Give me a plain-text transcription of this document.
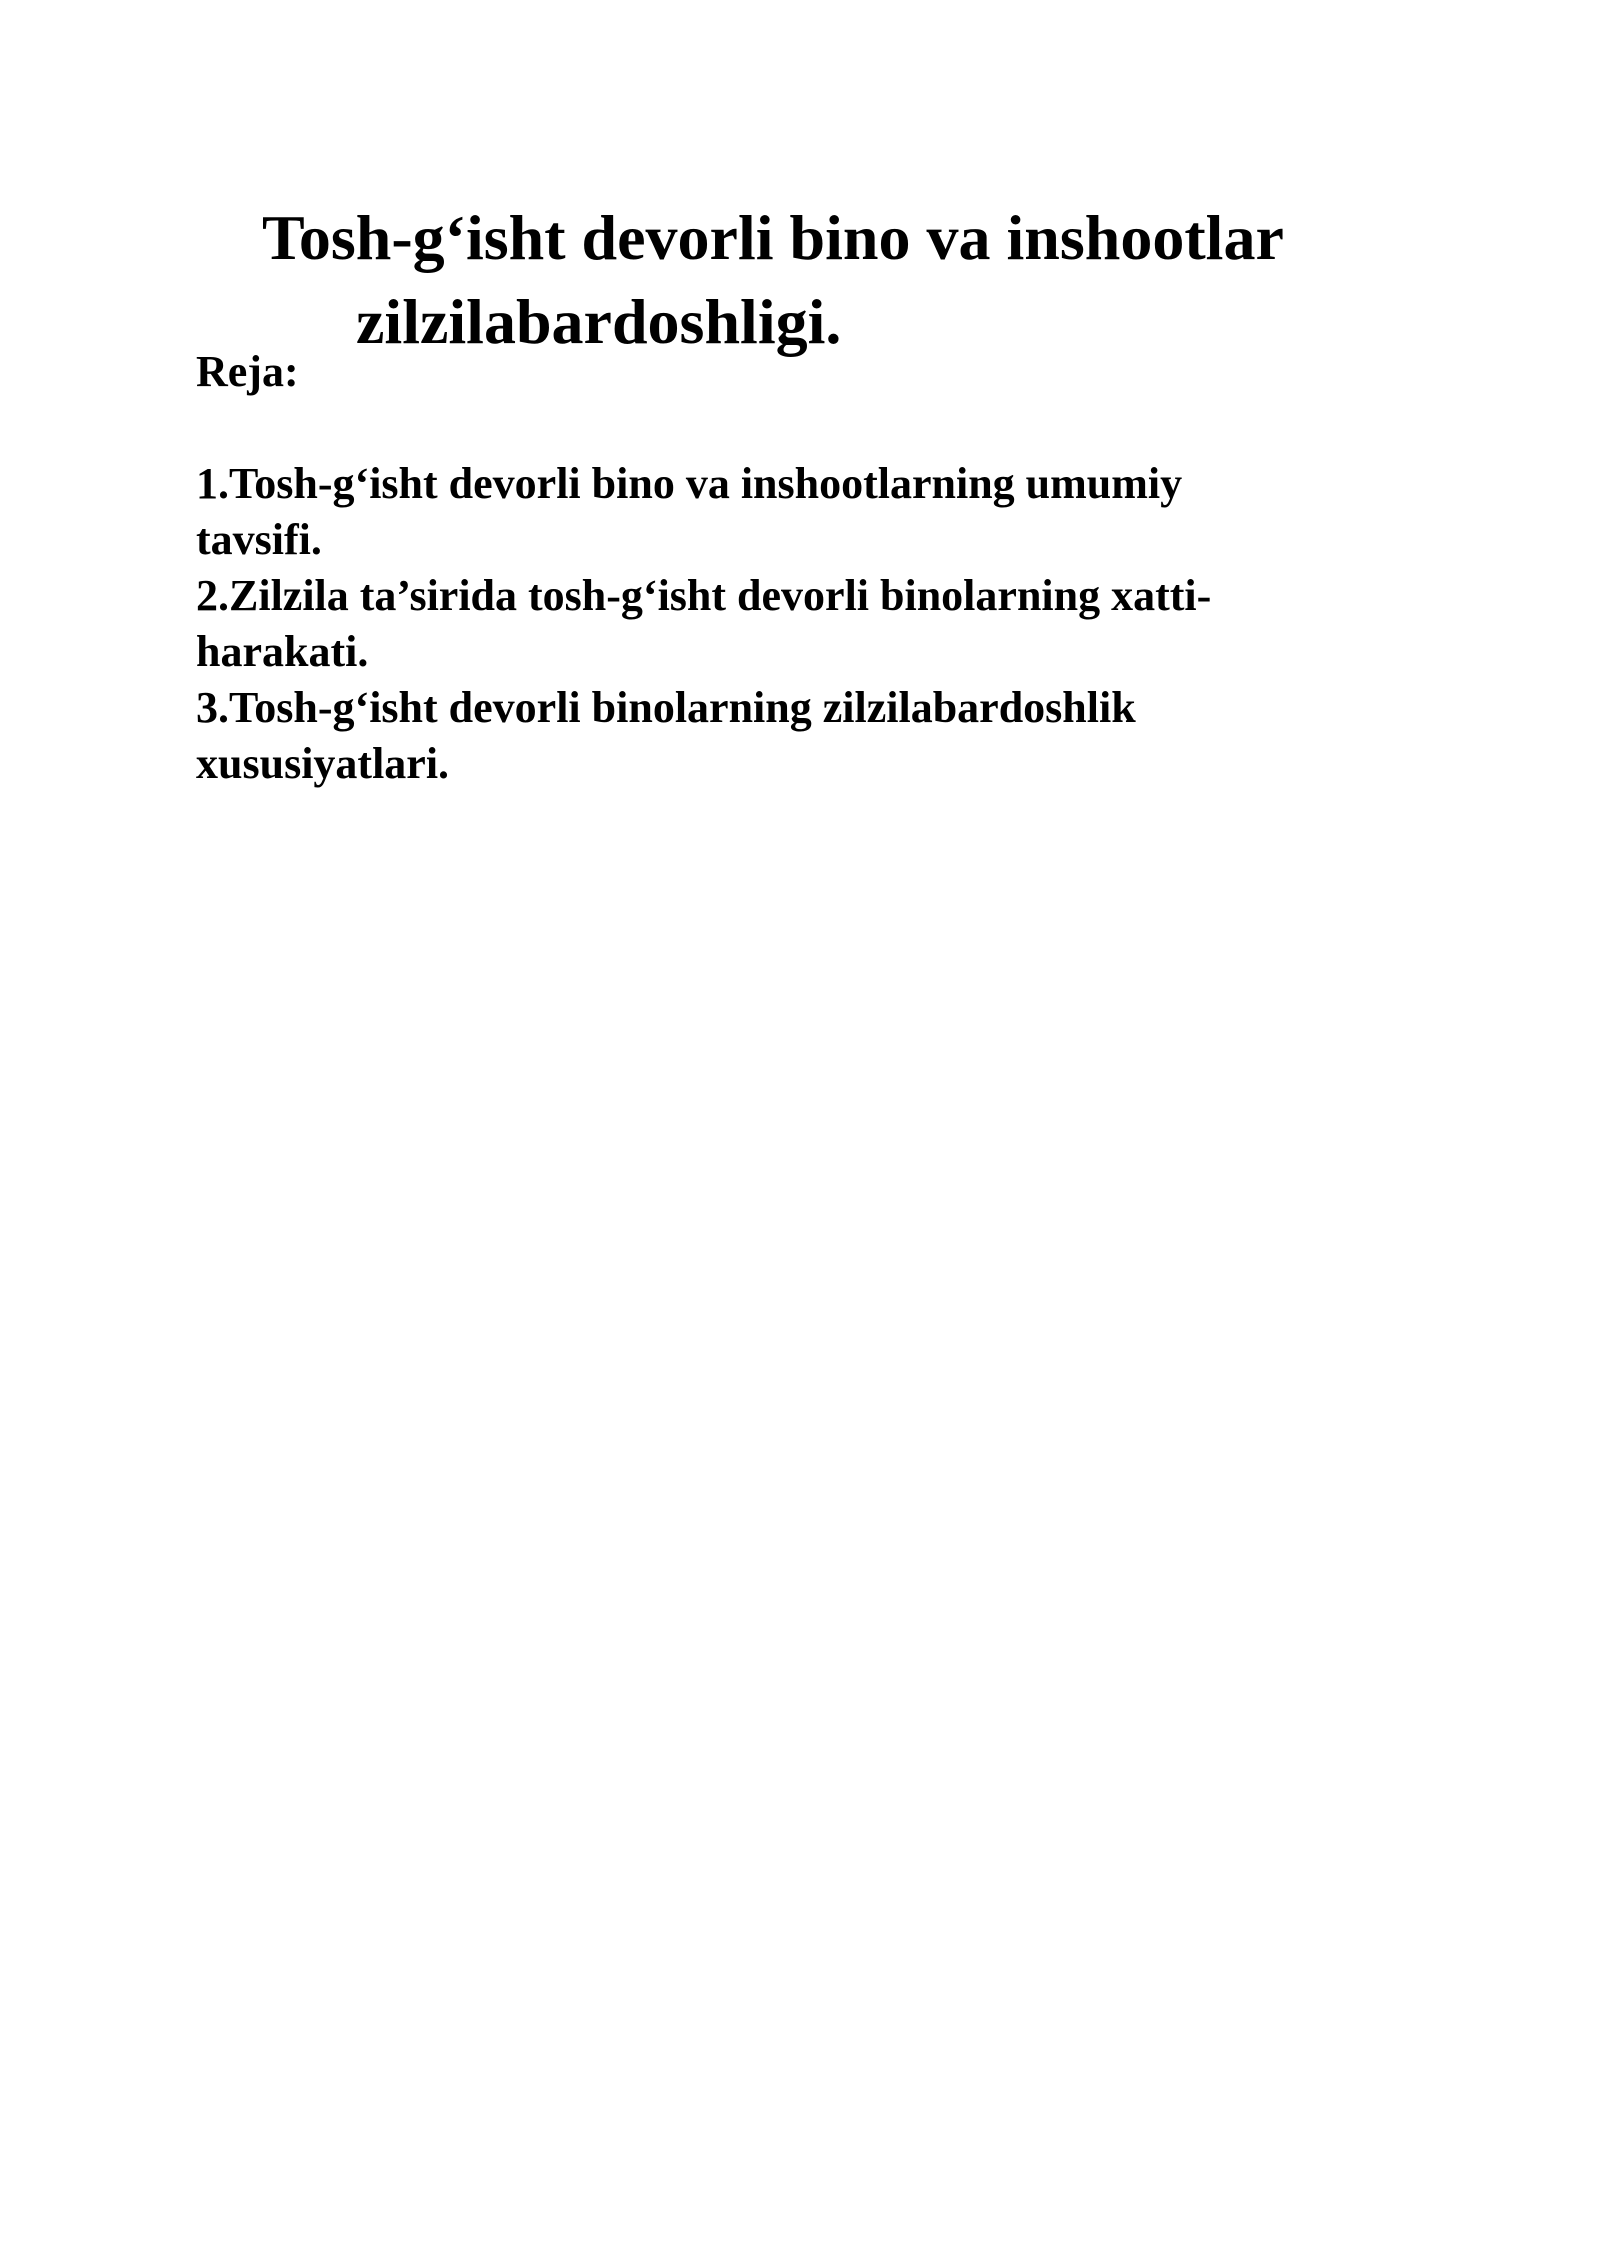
Tosh-g‘isht devorli bino va inshootlar
zilzilabardoshligi.

Reja:

1.Tosh-g‘isht devorli bino va inshootlarning umumiy
tavsifi.
2.Zilzila ta’sirida tosh-g‘isht devorli binolarning xatti-
harakati.
3.Tosh-g‘isht devorli binolarning zilzilabardoshlik
xususiyatlari.
